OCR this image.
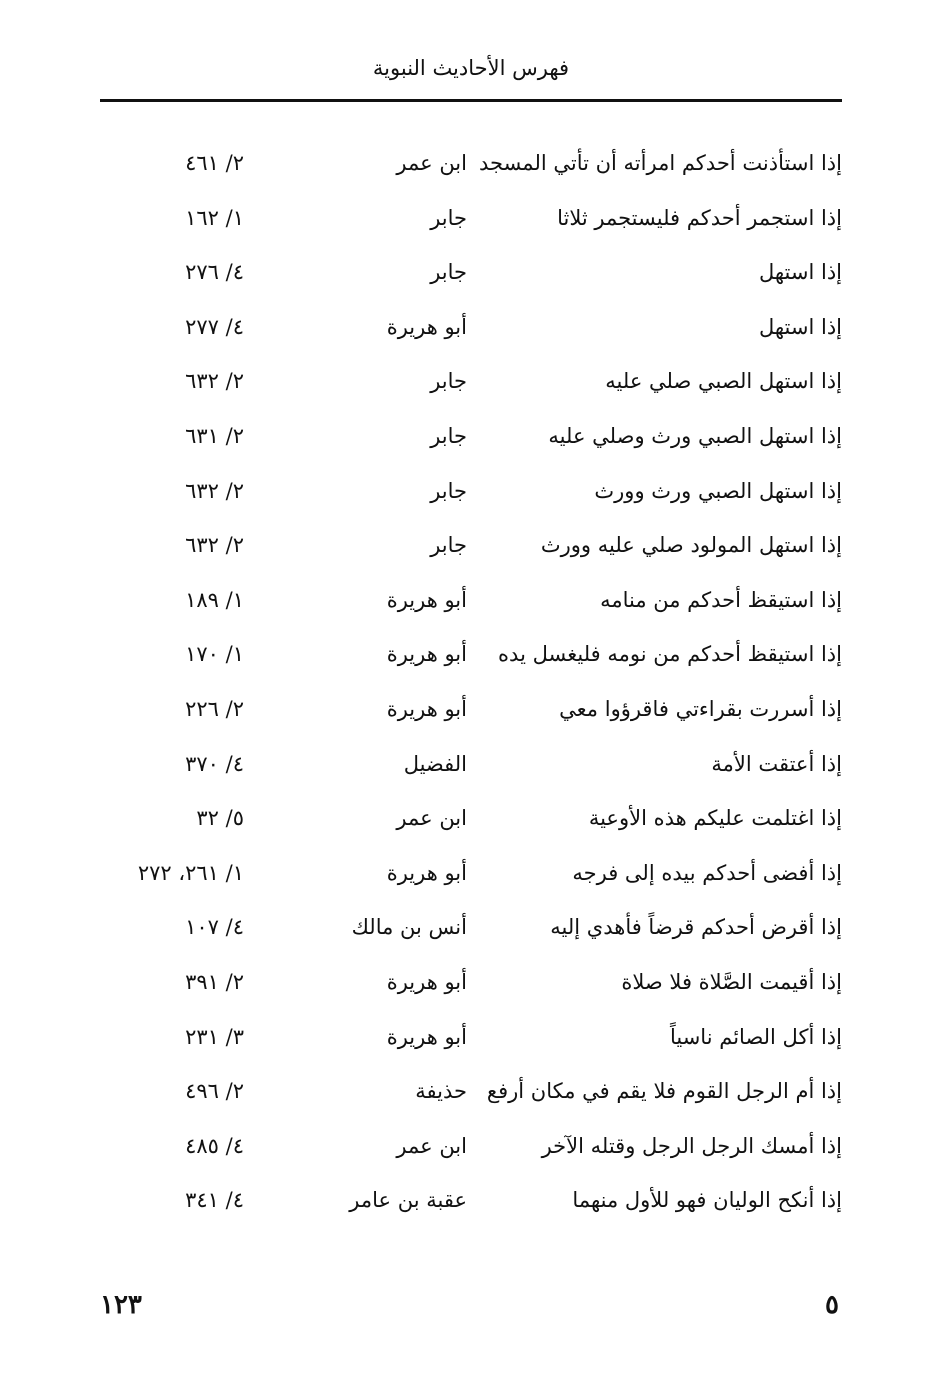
فهرس الأحاديث النبوية
إذا استأذنت أحدكم امرأته أن تأتي المسجد
ابن عمر
٢/ ٤٦١
إذا استجمر أحدكم فليستجمر ثلاثا
جابر
١/ ١٦٢
إذا استهل
جابر
٤/ ٢٧٦
إذا استهل
أبو هريرة
٤/ ٢٧٧
إذا استهل الصبي صلي عليه
جابر
٢/ ٦٣٢
إذا استهل الصبي ورث وصلي عليه
جابر
٢/ ٦٣١
إذا استهل الصبي ورث وورث
جابر
٢/ ٦٣٢
إذا استهل المولود صلي عليه وورث
جابر
٢/ ٦٣٢
إذا استيقظ أحدكم من منامه
أبو هريرة
١/ ١٨٩
إذا استيقظ أحدكم من نومه فليغسل يده
أبو هريرة
١/ ١٧٠
إذا أسررت بقراءتي فاقرؤوا معي
أبو هريرة
٢/ ٢٢٦
إذا أعتقت الأمة
الفضيل
٤/ ٣٧٠
إذا اغتلمت عليكم هذه الأوعية
ابن عمر
٥/ ٣٢
إذا أفضى أحدكم بيده إلى فرجه
أبو هريرة
١/ ٢٦١، ٢٧٢
إذا أقرض أحدكم قرضاً فأهدي إليه
أنس بن مالك
٤/ ١٠٧
إذا أقيمت الصَّلاة فلا صلاة
أبو هريرة
٢/ ٣٩١
إذا أكل الصائم ناسياً
أبو هريرة
٣/ ٢٣١
إذا أم الرجل القوم فلا يقم في مكان أرفع
حذيفة
٢/ ٤٩٦
إذا أمسك الرجل الرجل وقتله الآخر
ابن عمر
٤/ ٤٨٥
إذا أنكح الوليان فهو للأول منهما
عقبة بن عامر
٤/ ٣٤١
٥
١٢٣
